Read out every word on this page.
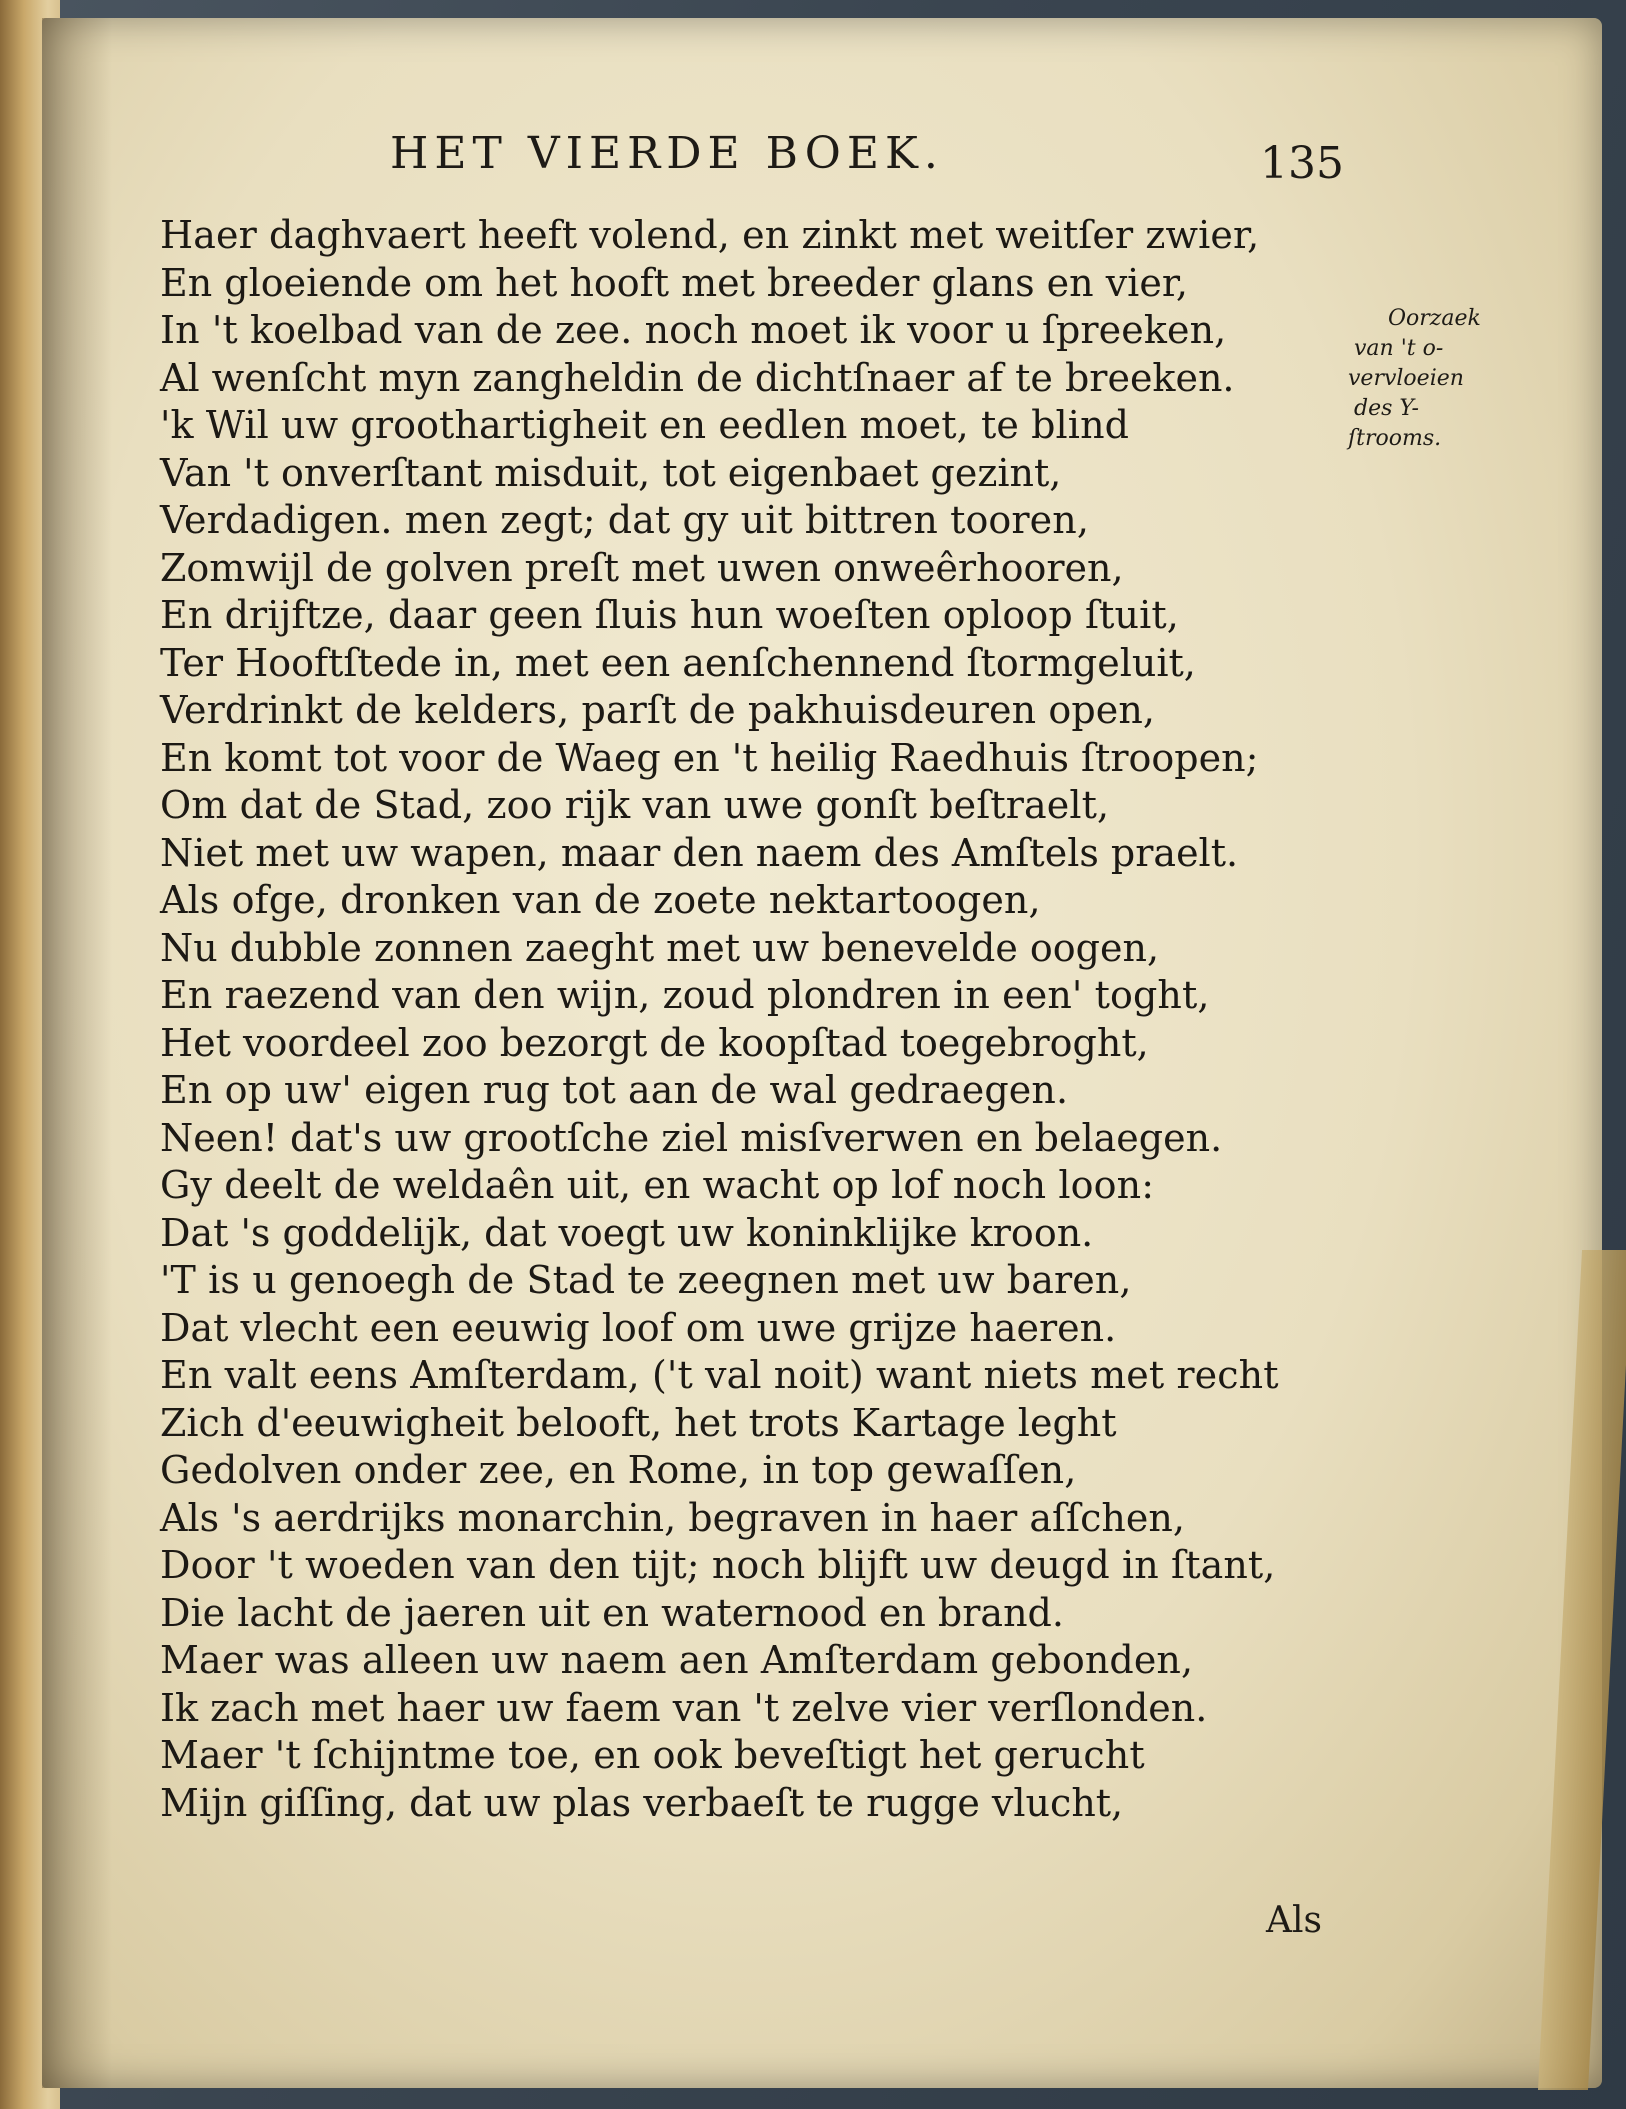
HET VIERDE BOEK.	135
Haer daghvaert heeft volend, en zinkt met weitſer zwier,
En gloeiende om het hooft met breeder glans en vier,
In 't koelbad van de zee. noch moet ik voor u ſpreeken,
Al wenſcht myn zangheldin de dichtſnaer af te breeken.
'k Wil uw groothartigheit en eedlen moet, te blind
Van 't onverſtant misduit, tot eigenbaet gezint,
Verdadigen. men zegt; dat gy uit bittren tooren,
Zomwijl de golven preſt met uwen onweêrhooren,
En drijftze, daar geen ſluis hun woeſten oploop ſtuit,
Ter Hooftſtede in, met een aenſchennend ſtormgeluit,
Verdrinkt de kelders, parſt de pakhuisdeuren open,
En komt tot voor de Waeg en 't heilig Raedhuis ſtroopen;
Om dat de Stad, zoo rijk van uwe gonſt beſtraelt,
Niet met uw wapen, maar den naem des Amſtels praelt.
Als ofge, dronken van de zoete nektartoogen,
Nu dubble zonnen zaeght met uw benevelde oogen,
En raezend van den wijn, zoud plondren in een' toght,
Het voordeel zoo bezorgt de koopſtad toegebroght,
En op uw' eigen rug tot aan de wal gedraegen.
Neen! dat's uw grootſche ziel misſverwen en belaegen.
Gy deelt de weldaên uit, en wacht op lof noch loon:
Dat 's goddelijk, dat voegt uw koninklijke kroon.
'T is u genoegh de Stad te zeegnen met uw baren,
Dat vlecht een eeuwig loof om uwe grijze haeren.
En valt eens Amſterdam, ('t val noit) want niets met recht
Zich d'eeuwigheit belooft, het trots Kartage leght
Gedolven onder zee, en Rome, in top gewaſſen,
Als 's aerdrijks monarchin, begraven in haer aſſchen,
Door 't woeden van den tijt; noch blijft uw deugd in ſtant,
Die lacht de jaeren uit en waternood en brand.
Maer was alleen uw naem aen Amſterdam gebonden,
Ik zach met haer uw faem van 't zelve vier verſlonden.
Maer 't ſchijntme toe, en ook beveſtigt het gerucht
Mijn giſſing, dat uw plas verbaeſt te rugge vlucht,
Oorzaek
van 't o-
vervloeien
des Y-
ſtrooms.
Als
